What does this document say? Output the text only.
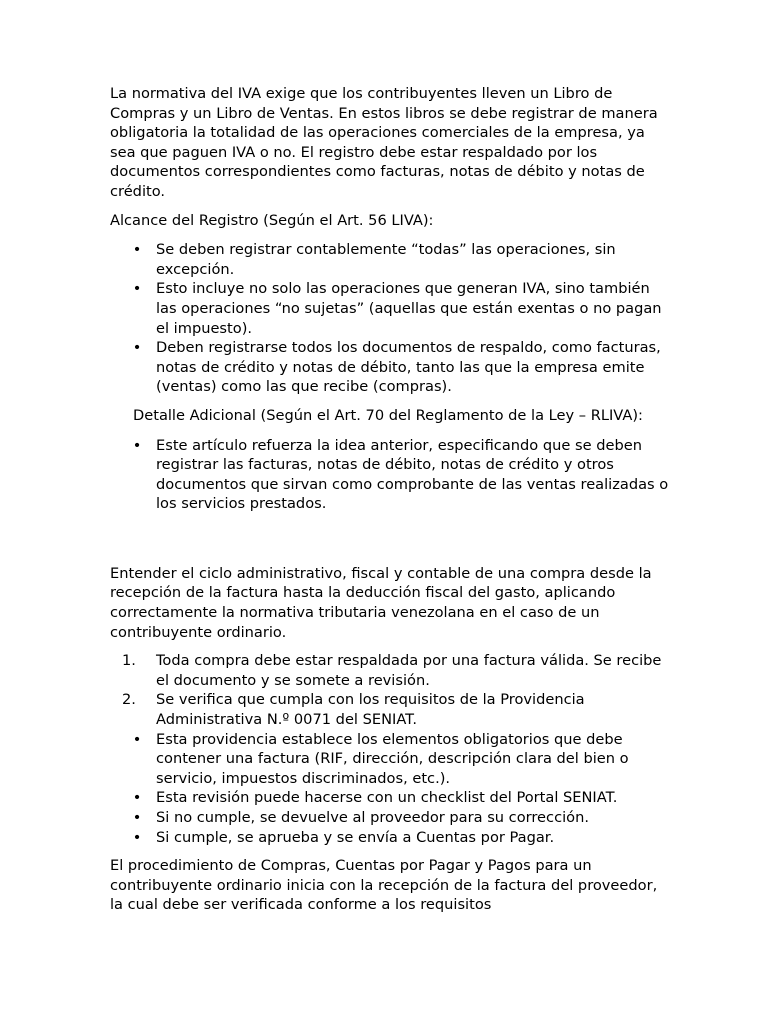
La normativa del IVA exige que los contribuyentes lleven un Libro de Compras y un Libro de Ventas. En estos libros se debe registrar de manera obligatoria la totalidad de las operaciones comerciales de la empresa, ya sea que paguen IVA o no. El registro debe estar respaldado por los documentos correspondientes como facturas, notas de débito y notas de crédito.

Alcance del Registro (Según el Art. 56 LIVA):

• Se deben registrar contablemente “todas” las operaciones, sin excepción.
• Esto incluye no solo las operaciones que generan IVA, sino también las operaciones “no sujetas” (aquellas que están exentas o no pagan el impuesto).
• Deben registrarse todos los documentos de respaldo, como facturas, notas de crédito y notas de débito, tanto las que la empresa emite (ventas) como las que recibe (compras).

Detalle Adicional (Según el Art. 70 del Reglamento de la Ley – RLIVA):

• Este artículo refuerza la idea anterior, especificando que se deben registrar las facturas, notas de débito, notas de crédito y otros documentos que sirvan como comprobante de las ventas realizadas o los servicios prestados.

Entender el ciclo administrativo, fiscal y contable de una compra desde la recepción de la factura hasta la deducción fiscal del gasto, aplicando correctamente la normativa tributaria venezolana en el caso de un contribuyente ordinario.

1.	Toda compra debe estar respaldada por una factura válida. Se recibe el documento y se somete a revisión.
2.	Se verifica que cumpla con los requisitos de la Providencia Administrativa N.º 0071 del SENIAT.
• Esta providencia establece los elementos obligatorios que debe contener una factura (RIF, dirección, descripción clara del bien o servicio, impuestos discriminados, etc.).
• Esta revisión puede hacerse con un checklist del Portal SENIAT.
• Si no cumple, se devuelve al proveedor para su corrección.
• Si cumple, se aprueba y se envía a Cuentas por Pagar.

El procedimiento de Compras, Cuentas por Pagar y Pagos para un contribuyente ordinario inicia con la recepción de la factura del proveedor, la cual debe ser verificada conforme a los requisitos
